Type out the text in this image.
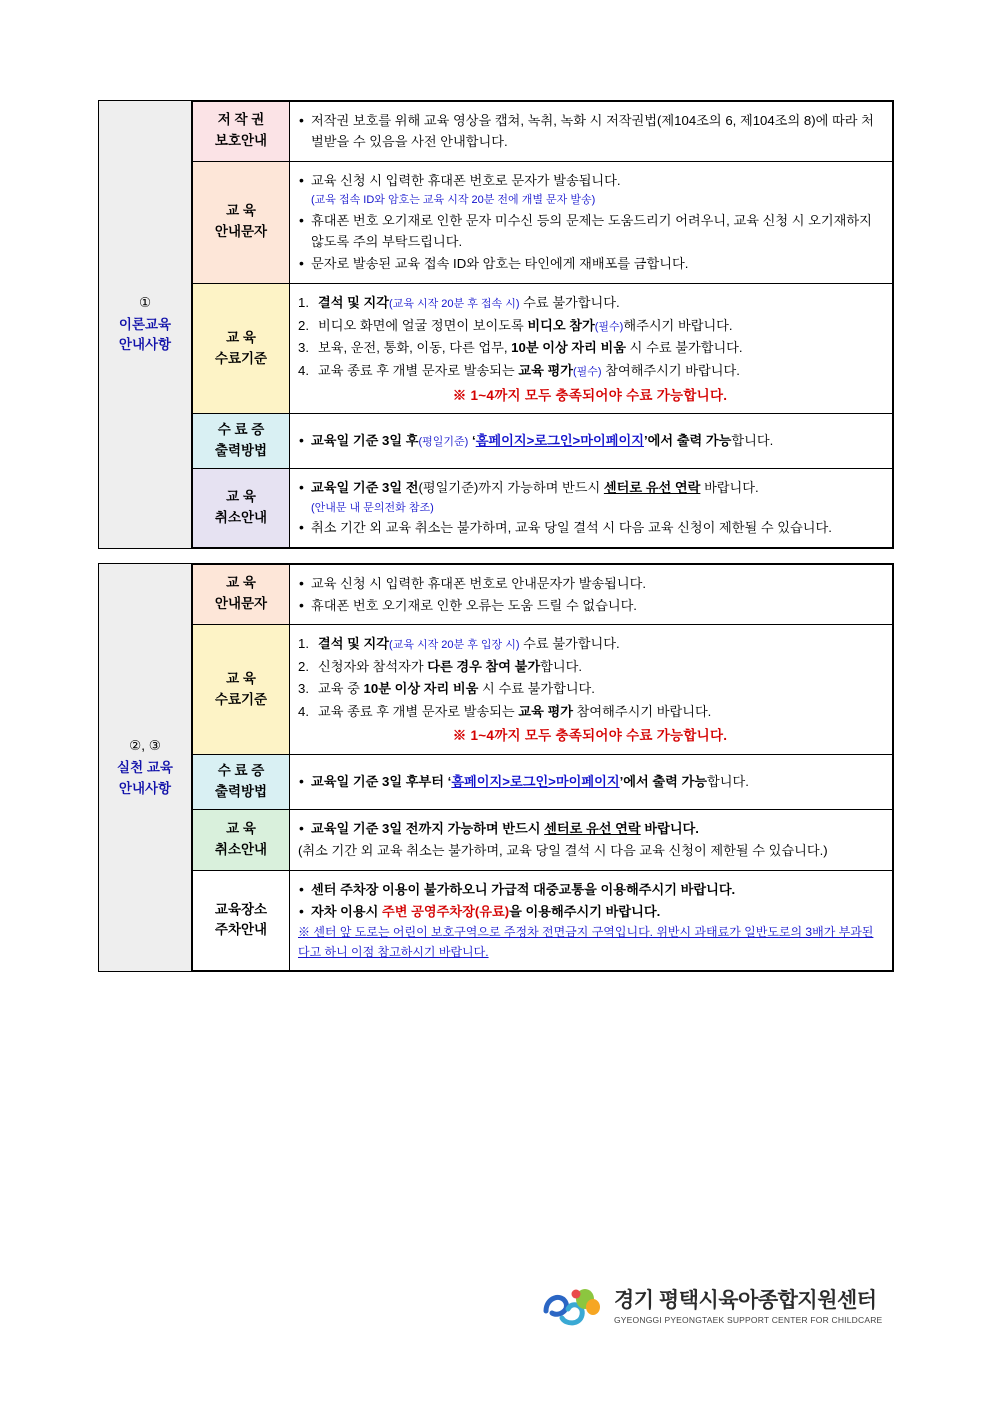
①
이론교육
안내사항	
저 작 권
보호안내

• 저작권 보호를 위해 교육 영상을 캡쳐, 녹취, 녹화 시 저작권법(제104조의 6, 제104조의 8)에 따라 처벌받을 수 있음을 사전 안내합니다.

교 육
안내문자

• 교육 신청 시 입력한 휴대폰 번호로 문자가 발송됩니다.
(교육 접속 ID와 암호는 교육 시작 20분 전에 개별 문자 발송)
• 휴대폰 번호 오기재로 인한 문자 미수신 등의 문제는 도움드리기 어려우니, 교육 신청 시 오기재하지 않도록 주의 부탁드립니다.
• 문자로 발송된 교육 접속 ID와 암호는 타인에게 재배포를 금합니다.

교 육
수료기준

1. 결석 및 지각(교육 시작 20분 후 접속 시) 수료 불가합니다.
2. 비디오 화면에 얼굴 정면이 보이도록 비디오 참가(필수)해주시기 바랍니다.
3. 보육, 운전, 통화, 이동, 다른 업무, 10분 이상 자리 비움 시 수료 불가합니다.
4. 교육 종료 후 개별 문자로 발송되는 교육 평가(필수) 참여해주시기 바랍니다.
※ 1~4까지 모두 충족되어야 수료 가능합니다.

수 료 증
출력방법

• 교육일 기준 3일 후(평일기준) ‘홈페이지>로그인>마이페이지’에서 출력 가능합니다.

교 육
취소안내

• 교육일 기준 3일 전(평일기준)까지 가능하며 반드시 센터로 유선 연락 바랍니다.
(안내문 내 문의전화 참조)
• 취소 기간 외 교육 취소는 불가하며, 교육 당일 결석 시 다음 교육 신청이 제한될 수 있습니다.

②, ③
실천 교육
안내사항	
교 육
안내문자

• 교육 신청 시 입력한 휴대폰 번호로 안내문자가 발송됩니다.
• 휴대폰 번호 오기재로 인한 오류는 도움 드릴 수 없습니다.

교 육
수료기준

1. 결석 및 지각(교육 시작 20분 후 입장 시) 수료 불가합니다.
2. 신청자와 참석자가 다른 경우 참여 불가합니다.
3. 교육 중 10분 이상 자리 비움 시 수료 불가합니다.
4. 교육 종료 후 개별 문자로 발송되는 교육 평가 참여해주시기 바랍니다.
※ 1~4까지 모두 충족되어야 수료 가능합니다.

수 료 증
출력방법

• 교육일 기준 3일 후부터 ‘홈페이지>로그인>마이페이지’에서 출력 가능합니다.

교 육
취소안내

• 교육일 기준 3일 전까지 가능하며 반드시 센터로 유선 연락 바랍니다.
(취소 기간 외 교육 취소는 불가하며, 교육 당일 결석 시 다음 교육 신청이 제한될 수 있습니다.)

교육장소
주차안내

• 센터 주차장 이용이 불가하오니 가급적 대중교통을 이용해주시기 바랍니다.
• 자차 이용시 주변 공영주차장(유료)을 이용해주시기 바랍니다.
※ 센터 앞 도로는 어린이 보호구역으로 주정차 전면금지 구역입니다. 위반시 과태료가 일반도로의 3배가 부과된다고 하니 이점 참고하시기 바랍니다.
경기 평택시육아종합지원센터
GYEONGGI PYEONGTAEK SUPPORT CENTER FOR CHILDCARE
